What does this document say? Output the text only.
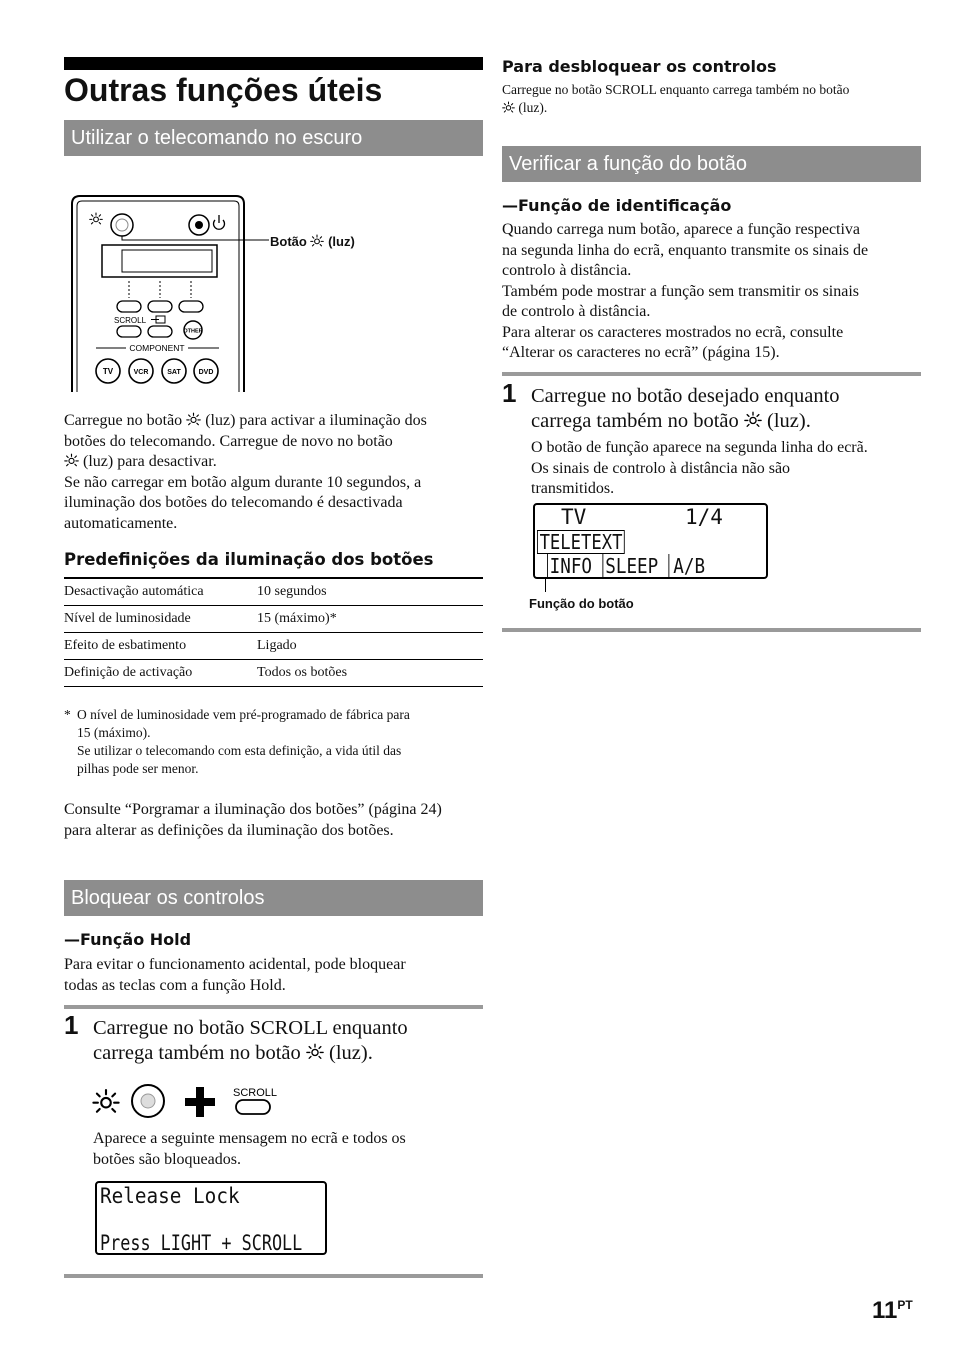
Outras funções úteis
Utilizar o telecomando no escuro
SCROLL
OTHER
COMPONENT
TV	VCR	SAT	DVD
Botão (luz)
Carregue no botão (luz) para activar a iluminação dos
botões do telecomando. Carregue de novo no botão
(luz) para desactivar.
Se não carregar em botão algum durante 10 segundos, a
iluminação dos botões do telecomando é desactivada
automaticamente.
Predefinições da iluminação dos botões
Desactivação automática	10 segundos
Nível de luminosidade	15 (máximo)*
Efeito de esbatimento	Ligado
Definição de activação	Todos os botões
* O nível de luminosidade vem pré-programado de fábrica para
15 (máximo).
Se utilizar o telecomando com esta definição, a vida útil das
pilhas pode ser menor.
Consulte “Porgramar a iluminação dos botões” (página 24)
para alterar as definições da iluminação dos botões.
Bloquear os controlos
—Função Hold
Para evitar o funcionamento acidental, pode bloquear
todas as teclas com a função Hold.
1 Carregue no botão SCROLL enquanto
carrega também no botão (luz).
SCROLL
Aparece a seguinte mensagem no ecrã e todos os
botões são bloqueados.
Release Lock
Press LIGHT + SCROLL
Para desbloquear os controlos
Carregue no botão SCROLL enquanto carrega também no botão
(luz).
Verificar a função do botão
—Função de identificação
Quando carrega num botão, aparece a função respectiva
na segunda linha do ecrã, enquanto transmite os sinais de
controlo à distância.
Também pode mostrar a função sem transmitir os sinais
de controlo à distância.
Para alterar os caracteres mostrados no ecrã, consulte
“Alterar os caracteres no ecrã” (página 15).
1 Carregue no botão desejado enquanto
carrega também no botão (luz).
O botão de função aparece na segunda linha do ecrã.
Os sinais de controlo à distância não são
transmitidos.
TV	1/4
TELETEXT
INFO SLEEP A/B
Função do botão
$11^{PT}$
